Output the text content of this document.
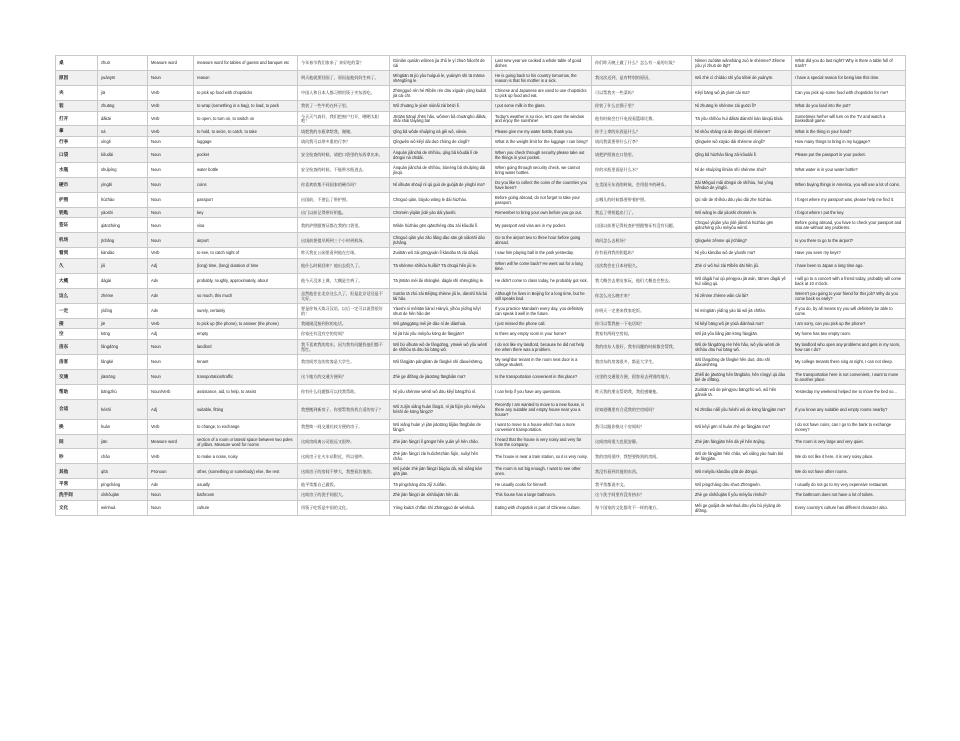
桌	zhuō	Measure word	measure word for tables of guests and banquet etc	今年春节我们家来了 来好吃的菜？	Gùnián qunián wǒmen jia zhǔ le yí zhuō hǎochī de cài	Last new year we cooked a whole table of good dishes	你们昨天晚上做了什么？怎么有一桌的垃圾？	Nǐmen zuótiān wǎnshàng zuò le shénme? Zěnme yǒu yì zhuō de lājī?	What did you do last night? Why is there a table full of trash?
原因	yuányīn	Noun	reason	明天他就要回国了，原因是他妈妈生病了。	Míngtiān tā jiù yào huíguó le, yuányīn shì tā māma shēngbìng le	He is going back to his country tomorrow, the reason is that his mother is a sick.	我这次迟到，是有特别的原因。	Wǒ zhè cì chídào shì yǒu tèbié de yuányīn.	I have a special reason for being late this time.
夹	jiā	Verb	to pick up food with chopsticks	中国人和日本人都习惯用筷子夹东西吃。	Zhōngguó rén hé Rìběn rén dōu xíguàn yòng kuàizi jiā cài chī.	Chinese and Japanese are used to use chopsticks to pick up food and eat.	可以帮我夹一些菜吗？	Kěyǐ bāng wǒ jiā yìxiē cài ma?	Can you pick up some food with chopsticks for me?
装	zhuāng	Verb	to wrap (something in a bag), to load, to pack	我装了一些牛奶在杯子里。	Wǒ zhuāng le yìxiē niúnǎi zài bēizi lǐ.	I put some milk in the glass.	你装了什么在锅子里？	Nǐ zhuāng le shénme zài guōzi lǐ?	What do you load into the pot?
打开	dǎkāi	Verb	to open, to turn on, to switch on	今天天气真好，我们把窗户打开，晒晒太阳吧！	Jīntiān tiānqì zhēn hǎo, wǒmen bǎ chuānghù dǎkāi, shài shài tàiyáng ba!	Today's weather is so nice, let's open the window and enjoy the sunshine!	他有时候会打开电视看篮球比赛。	Tā yǒu shíhòu huì dǎkāi diànshì kàn lánqiú bǐsài.	Sometimes he/her will turn on the TV and watch a basketball game.
拿	ná	Verb	to hold, to seize, to catch, to take	请把我的水瓶拿给我，谢谢。	Qǐng bǎ wǒde shuǐpíng ná gěi wǒ, xièxie.	Please give me my water bottle, thank you.	你手上拿的东西是什么？	Nǐ shǒu shàng ná de dōngxi shì shénme?	What is the thing in your hand?
行李	xíngli	Noun	luggage	请问我可以带多重的行李？	Qǐngwèn wǒ kěyǐ dài duō zhòng de xínglǐ?	What is the weight limit for the luggage I can bring?	请问我需要带什么行李？	Qǐngwèn wǒ xūyào dài shénme xínglǐ?	How many things to bring in my luggage?
口袋	kǒudài	Noun	pocket	安全检查的时候，请把口袋里的东西拿出来。	Ānquán jiǎnchá de shíhòu, qǐng bǎ kǒudài lǐ de dōngxi ná chūlái.	When you check through security please take out the things in your pocket.	请把护照放在口袋里。	Qǐng bǎ hùzhào fàng zài kǒudài lǐ.	Please put the passport in your pocket.
水瓶	shuǐpíng	Noun	water bottle	安全检查的时候，不能带水瓶进去。	Ānquán jiǎnchá de shíhòu, bùnéng bǎ shuǐpíng dài jìnqù.	When going through security check, we cannot bring water bottles.	你的水瓶里面是什么水？	Nǐ de shuǐpíng lǐmiàn shì shénme shuǐ?	What water is in your water bottle?
硬币	yìngbì	Noun	coins	你喜欢收集不同国家的硬币吗？	Nǐ xǐhuān shōují nǐ qù guò de guójiā de yìngbì ma?	Do you like to collect the coins of the countries you have been?	在美国买东西的时候，会用很多的硬币。	Zài Měiguó mǎi dōngxi de shíhòu, huì yòng hěnduō de yìngbì.	When buying things in America, you will use a lot of coins.
护照	hùzhào	Noun	passport	出国前，不要忘了带护照。	Chūguó qián, búyào wàng le dài hùzhào.	Before going abroad, do not forget to take your passport.	去哪儿的时候都要带着护照。	Qù nǎr de shíhòu dōu yào dài zhe hùzhào.	I forget where my passport was, please help me find it.
钥匙	yàoshi	Noun	key	出门以前记得带好钥匙。	Chūmén yǐqián jìdé yào dài yàoshi.	Remember to bring your own before you go out.	我忘了带钥匙出门了。	Wǒ wàng le dài yàoshi chūmén le.	I forgot where I put the key.
签证	qiānzhèng	Noun	visa	我的护照跟签证都在我的口袋里。	Wǒde hùzhào gēn qiānzhèng dōu zài kǒudài lǐ.	My passport and visa are in my pocket.	出国以前要记得检查护照跟签证有没有问题。	Chūguó yǐqián yào jìdé jiǎnchá hùzhào gēn qiānzhèng yǒu méiyǒu wèntí.	Before going abroad, you have to check your passport and visa are without any problems.
机场	jīchǎng	Noun	airport	出国前要提早两到三个小时到机场。	Chūguó qián yào zǎo liǎng dào sān gè xiǎoshí dào jīchǎng.	Go to the airport two to three hour before going abroad.	请问怎么去机场？	Qǐngwèn zěnme qù jīchǎng?	Is you there to go to the airport?
看到	kàndào	Verb	to see, to catch sight of	昨天我在公园里看到他在打球。	Zuótiān wǒ zài gōngyuán lǐ kàndào tā zài dǎqiú.	I saw him playing ball in the park yesterday.	你有看到我的钥匙吗？	Nǐ yǒu kàndào wǒ de yàoshi ma?	Have you seen my keys?
久	jiǔ	Adj	(long) time, (long) duration of time	他什么时候回来？他出去很久了。	Tā shénme shíhòu huílái? Tā chūqù hěn jiǔ le.	When will he come back? He went out for a long time.	这次我会在日本待很久。	Zhè cì wǒ huì zài Rìběn dāi hěn jiǔ.	I have been to Japan a long time ago.
大概	dàgài	Adv	probably, roughly, approximately, about	他今天没来上课，大概是生病了。	Tā jīntiān méi lái shàngkè, dàgài shì shēngbìng le.	He didn't come to class today, he probably got sick.	我大概会去朋友家玩，他们大概也会想去。	Wǒ dàgài huì qù péngyou jiā wán, tāmen dàgài yě huì xiǎng qù.	I will go to a concert with a friend today, probably will come back at 10 o'clock.
这么	zhème	Adv	so much, this much	虽然他住在北京这么久了，但是北京话还是不太好。	Suīrán tā zhù zài Běijīng zhème jiǔ le, dànshì hái bú tài hǎo.	Although he lives in Beijing for a long time, but he still speaks bad.	你怎么这么晚才来？	Nǐ zěnme zhème wǎn cái lái?	Weren't you going to your friend for this job? Why do you come back so early?
一定	yídìng	Adv	surely, certainly	要是你每天练习汉语，以后一定可以说得很好的！	Yàoshi nǐ měitiān liànxí Hànyǔ, yǐhòu yídìng kěyǐ shuō de hěn hǎo de!	If you practice Mandarin every day, you definitely can speak it well in the future.	你明天一定要来我家吃饭。	Nǐ míngtiān yídìng yào lái wǒ jiā chīfàn.	If you do, by all means try you will definitely be able to come.
接	jiē	Verb	to pick up (the phone), to answer (the phone)	我刚刚没接到你的电话。	Wǒ gānggāng méi jiē dào nǐ de diànhuà.	I just missed the phone call.	你可以帮我接一下电话吗？	Nǐ kěyǐ bāng wǒ jiē yíxià diànhuà ma?	I am sorry, can you pick up the phone?
空	kōng	Adj	empty	你家还有没有空的房间？	Nǐ jiā hái yǒu méiyǒu kōng de fángjiān?	Is there any empty room in your home?	我家有两间空房间。	Wǒ jiā yǒu liǎng jiān kōng fángjiān.	My home has two empty room.
房东	fángdōng	Noun	landlord	我不喜欢我的房东，因为我有问题找他们都不帮忙。	Wǒ bù xǐhuān wǒ de fángdōng, yīnwèi wǒ yǒu wèntí de shíhòu tā dōu bù bāng wǒ.	I do not like my landlord, because he did not help me when there was a problem.	我的房东人很好，我有问题的时候都会帮我。	Wǒ de fángdōng rén hěn hǎo, wǒ yǒu wèntí de shíhòu dōu huì bāng wǒ.	My landlord who open any problems and gets in my room, how can I do?
房客	fángkè	Noun	tenant	我房间旁边的房客是大学生。	Wǒ fángjiān pángbiān de fángkè shì dàxuéshēng.	My neighbor tenant in the room next door is a college student.	我房东的房客很多，都是大学生。	Wǒ fángdōng de fángkè hěn duō, dōu shì dàxuéshēng.	My college tenants there sing at night, I can not sleep.
交通	jiāotōng	Noun	transportation/traffic	这个地方的交通方便吗？	Zhè ge dìfāng de jiāotōng fāngbiàn ma?	Is the transportation convenient in this place?	这里的交通很方便，很容易去到别的地方。	Zhèlǐ de jiāotōng hěn fāngbiàn, hěn róngyì qù dào bié de dìfāng.	The transportation here is not convenient, I want to move to another place.
帮助	bāngzhù	Noun/Verb	assistance, aid, to help, to assist	你有什么问题都可以找我帮助。	Nǐ yǒu shénme wèntí wǒ dōu kěyǐ bāngzhù nǐ.	I can help if you have any questions.	昨天我的朋友帮助我，我很感谢他。	Zuótiān wǒ de péngyou bāngzhù wǒ, wǒ hěn gǎnxiè tā.	Yesterday my weekend helped me to move the bed so...
合适	héshì	Adj	suitable, fitting	我想搬到新房子，你要帮我找找合适的房子？	Wǒ zuìjìn xiǎng huàn fángzi, nǐ jiā fùjìn yǒu méiyǒu héshì de kōng fángzi?	Recently I am wanted to move to a new house, is there any suitable and empty house near you a house?	你知道哪里有合适我的空房间吗？	Nǐ zhīdào nǎlǐ yǒu héshì wǒ de kōng fángjiān ma?	If you know any suitable and empty rooms nearby?
换	huàn	Verb	to change, to exchange	我想换一间交通比较方便的房子。	Wǒ xiǎng huàn yì jiān jiāotōng bǐjiào fāngbiàn de fángzi.	I want to move to a house which has a more convenient transportation.	我可以跟你换这个房间吗？	Wǒ kěyǐ gēn nǐ huàn zhè ge fángjiān ma?	I do not have coins, can I go to the bank to exchange money?
间	jiān	Measure word	section of a room or lateral space between two poles of pillars. Measure word for rooms	这间房间离公司很远又很吵。	Zhè jiān fángzi lí gōngsī hěn yuǎn yě hěn chǎo.	I heard that the house is very noisy and very far from the company.	这间房间很大也很安静。	Zhè jiān fángjiān hěn dà yě hěn ānjìng.	The room is very large and very quiet.
吵	chǎo	Verb	to make a noise, noisy	这间房子在火车站附近，所以很吵。	Zhè jiān fángzi zài huǒchēzhàn fùjìn, suǒyǐ hěn chǎo.	The house is near a train station, so it is very noisy.	我的房间很吵，我想要换别的房间。	Wǒ de fángjiān hěn chǎo, wǒ xiǎng yào huàn bié de fángjiān.	We do not like it here, it is very noisy place.
其他	qítā	Pronoun	other, (something or somebody) else, the rest	这间房子的房间不够大，我想看其他的。	Wǒ juéde zhè jiān fángzi bùgòu dà, wǒ xiǎng kàn qítā jiān.	The room is not big enough, I want to see other ones.	我没有看到其他的东西。	Wǒ méiyǒu kàndào qítā de dōngxi.	We do not have other rooms.
平常	píngcháng	Adv	usually	他平常都自己做饭。	Tā píngcháng dōu zìjǐ zuòfàn.	He usually cooks for himself.	我平常都说中文。	Wǒ píngcháng dōu shuō Zhōngwén.	I usually do not go to my very expensive restaurant.
洗手间	xǐshǒujiān	Noun	bathroom	这间房子的洗手间很大。	Zhè jiān fángzi de xǐshǒujiān hěn dà.	This house has a large bathroom.	这个洗手间里有没有热水？	Zhè ge xǐshǒujiān lǐ yǒu méiyǒu rèshuǐ?	The bathroom does not have a lot of toilets.
文化	wénhuà	Noun	culture	用筷子吃饭是中国的文化。	Yòng kuàizi chīfàn shì Zhōngguó de wénhuà.	Eating with chopstick is part of Chinese culture.	每个国家的文化都有不一样的地方。	Měi ge guójiā de wénhuà dōu yǒu bù yíyàng de dìfāng.	Every country's culture has different character also.
